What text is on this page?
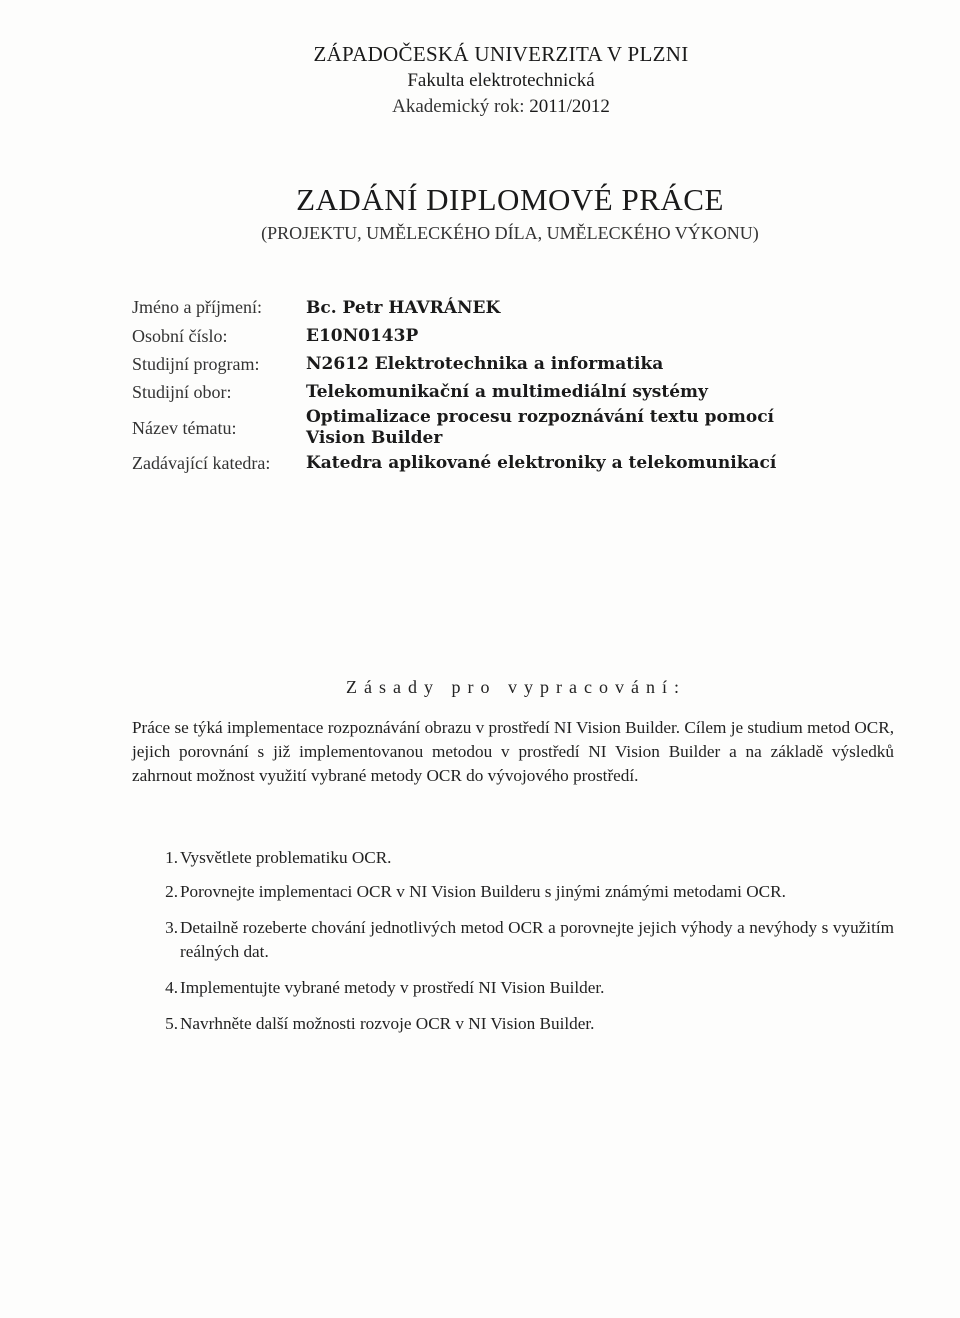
ZÁPADOČESKÁ UNIVERZITA V PLZNI
Fakulta elektrotechnická
Akademický rok: 2011/2012
ZADÁNÍ DIPLOMOVÉ PRÁCE
(PROJEKTU, UMĚLECKÉHO DÍLA, UMĚLECKÉHO VÝKONU)
Jméno a příjmení:	Bc. Petr HAVRÁNEK
Osobní číslo:	E10N0143P
Studijní program:	N2612 Elektrotechnika a informatika
Studijní obor:	Telekomunikační a multimediální systémy
Název tématu:
Optimalizace procesu rozpoznávání textu pomocí
Vision Builder
Zadávající katedra:	Katedra aplikované elektroniky a telekomunikací
Zásady pro vypracování:
Práce se týká implementace rozpoznávání obrazu v prostředí NI Vision Builder. Cílem je studium metod OCR, jejich porovnání s již implementovanou metodou v prostředí NI Vision Builder a na základě výsledků zahrnout možnost využití vybrané metody OCR do vývojového prostředí.
1. Vysvětlete problematiku OCR.
2. Porovnejte implementaci OCR v NI Vision Builderu s jinými známými metodami OCR.
3. Detailně rozeberte chování jednotlivých metod OCR a porovnejte jejich výhody a nevýhody s využitím reálných dat.
4. Implementujte vybrané metody v prostředí NI Vision Builder.
5. Navrhněte další možnosti rozvoje OCR v NI Vision Builder.
